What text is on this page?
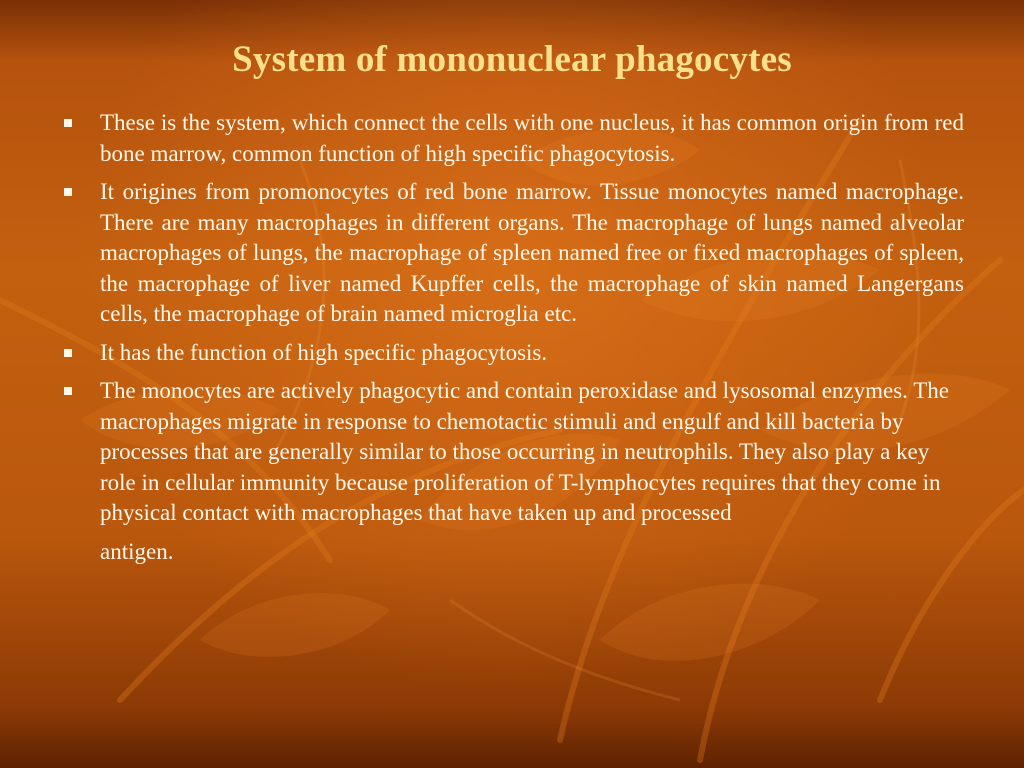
System of mononuclear phagocytes
These is the system, which connect the cells with one nucleus, it has common origin from red bone marrow, common function of high specific phagocytosis.
It origines from promonocytes of red bone marrow. Tissue monocytes named macrophage. There are many macrophages in different organs. The macrophage of lungs named alveolar macrophages of lungs, the macrophage of spleen named free or fixed macrophages of spleen, the macrophage of liver named Kupffer cells, the macrophage of skin named Langergans cells, the macrophage of brain named microglia etc.
It has the function of high specific phagocytosis.
The monocytes are actively phagocytic and contain peroxidase and lysosomal enzymes. The macrophages migrate in response to chemotactic stimuli and engulf and kill bacteria by processes that are generally similar to those occurring in neutrophils. They also play a key role in cellular immunity because proliferation of T-lymphocytes requires that they come in physical contact with macrophages that have taken up and processed
antigen.
